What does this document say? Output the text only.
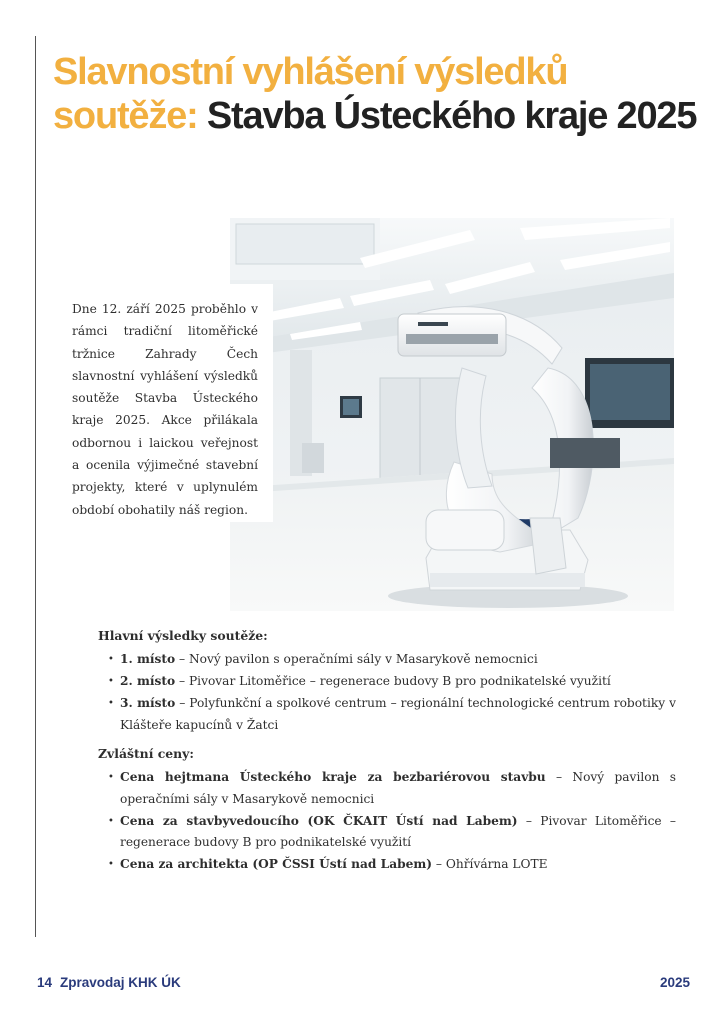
Slavnostní vyhlášení výsledků soutěže: Stavba Ústeckého kraje 2025
Dne 12. září 2025 proběhlo v rámci tradiční litoměřické tržnice Zahrady Čech slavnostní vyhlášení výsledků soutěže Stavba Ústeckého kraje 2025. Akce přilákala odbornou i laickou veřejnost a ocenila výjimečné stavební projekty, které v uplynulém období obohatily náš region.
Hlavní výsledky soutěže:
• 1. místo – Nový pavilon s operačními sály v Masarykově nemocnici
• 2. místo – Pivovar Litoměřice – regenerace budovy B pro podnikatelské využití
• 3. místo – Polyfunkční a spolkové centrum – regionální technologické centrum robotiky v Klášteře kapucínů v Žatci
Zvláštní ceny:
• Cena hejtmana Ústeckého kraje za bezbariérovou stavbu – Nový pavilon s operačními sály v Masarykově nemocnici
• Cena za stavbyvedoucího (OK ČKAIT Ústí nad Labem) – Pivovar Litoměřice – regenerace budovy B pro podnikatelské využití
• Cena za architekta (OP ČSSI Ústí nad Labem) – Ohřívárna LOTE
14 Zpravodaj KHK ÚK	2025
